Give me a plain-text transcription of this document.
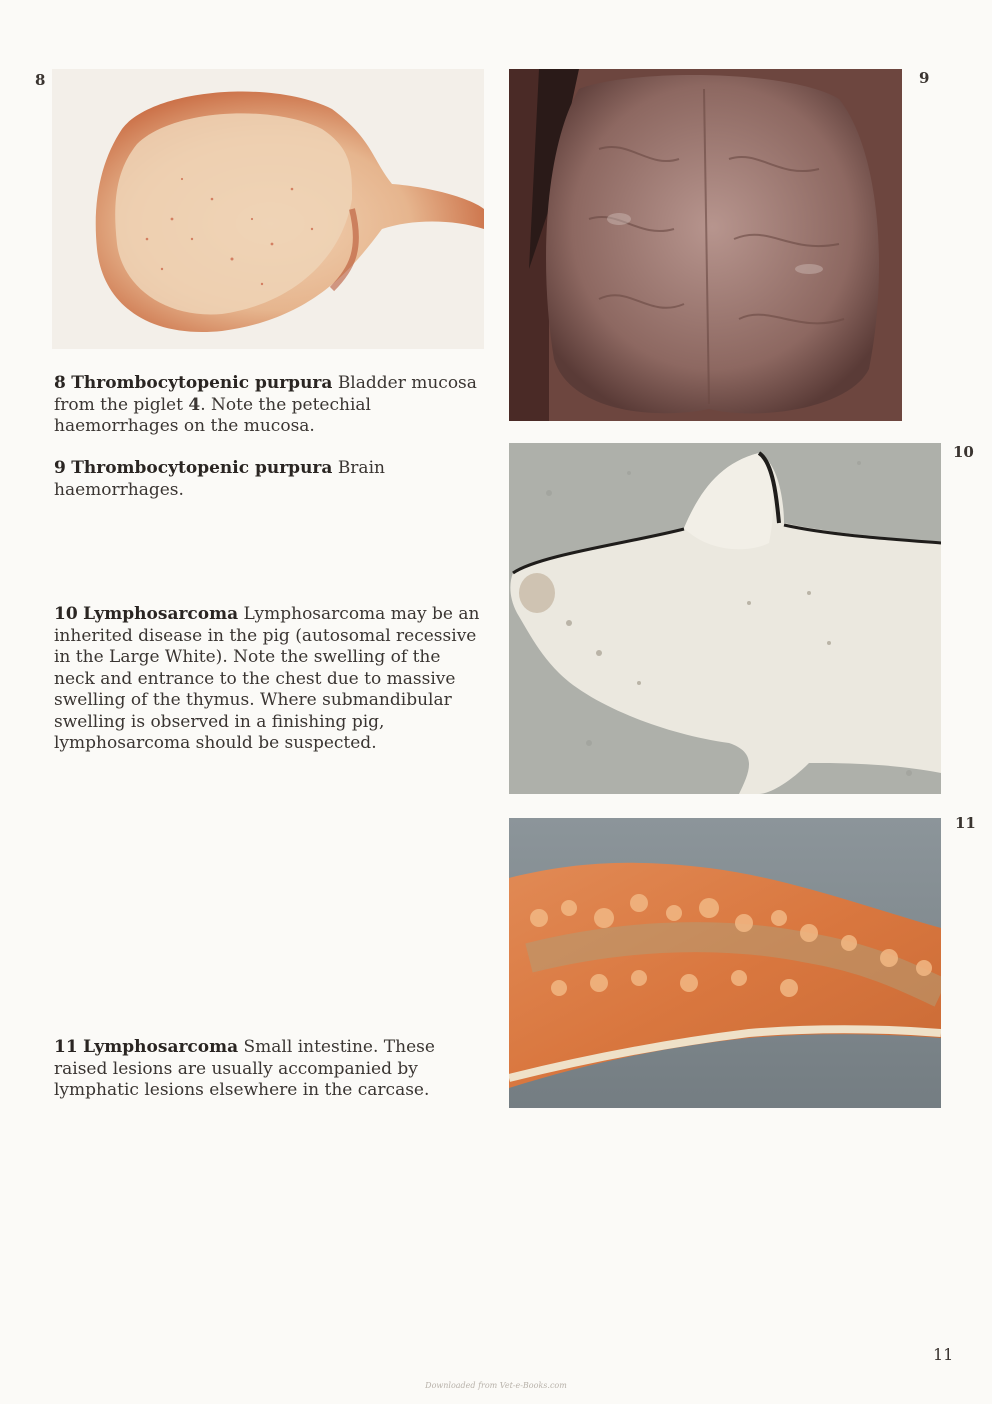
8	9
10
11
8 Thrombocytopenic purpura Bladder mucosa from the piglet 4. Note the petechial haemorrhages on the mucosa.
9 Thrombocytopenic purpura Brain haemorrhages.
10 Lymphosarcoma Lymphosarcoma may be an inherited disease in the pig (autosomal recessive in the Large White). Note the swelling of the neck and entrance to the chest due to massive swelling of the thymus. Where submandibular swelling is observed in a finishing pig, lymphosarcoma should be suspected.
11 Lymphosarcoma Small intestine. These raised lesions are usually accompanied by lymphatic lesions elsewhere in the carcase.
11
Downloaded from Vet-e-Books.com
